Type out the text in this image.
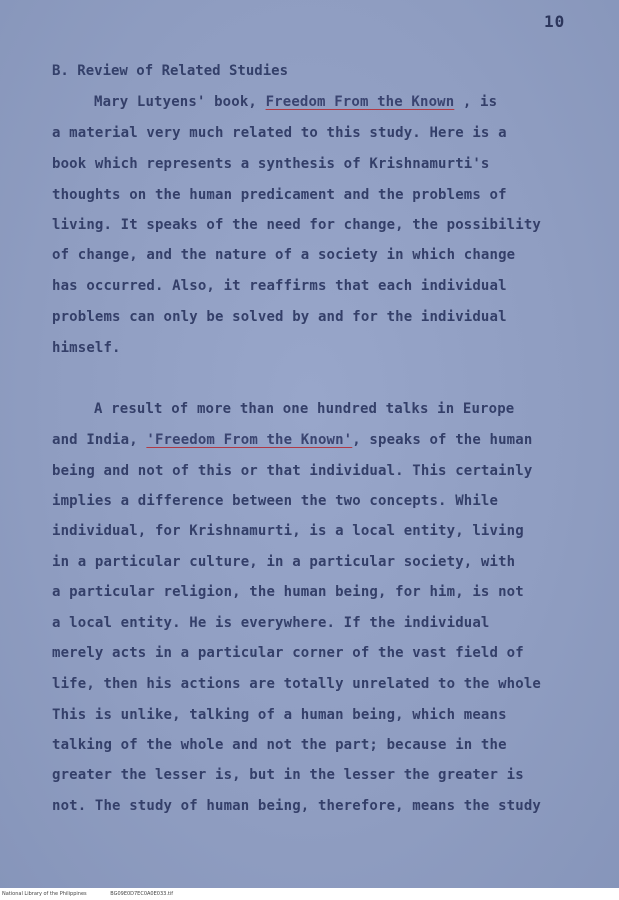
10
B. Review of Related Studies
Mary Lutyens' book, Freedom From the Known , is
a material very much related to this study. Here is a
book which represents a synthesis of Krishnamurti's
thoughts on the human predicament and the problems of
living. It speaks of the need for change, the possibility
of change, and the nature of a society in which change
has occurred. Also, it reaffirms that each individual
problems can only be solved by and for the individual
himself.
A result of more than one hundred talks in Europe
and India, 'Freedom From the Known', speaks of the human
being and not of this or that individual. This certainly
implies a difference between the two concepts. While
individual, for Krishnamurti, is a local entity, living
in a particular culture, in a particular society, with
a particular religion, the human being, for him, is not
a local entity. He is everywhere. If the individual
merely acts in a particular corner of the vast field of
life, then his actions are totally unrelated to the whole
This is unlike, talking of a human being, which means
talking of the whole and not the part; because in the
greater the lesser is, but in the lesser the greater is
not. The study of human being, therefore, means the study
National Library of the Philippines	BG09E0D7EC0A0E033.tif
